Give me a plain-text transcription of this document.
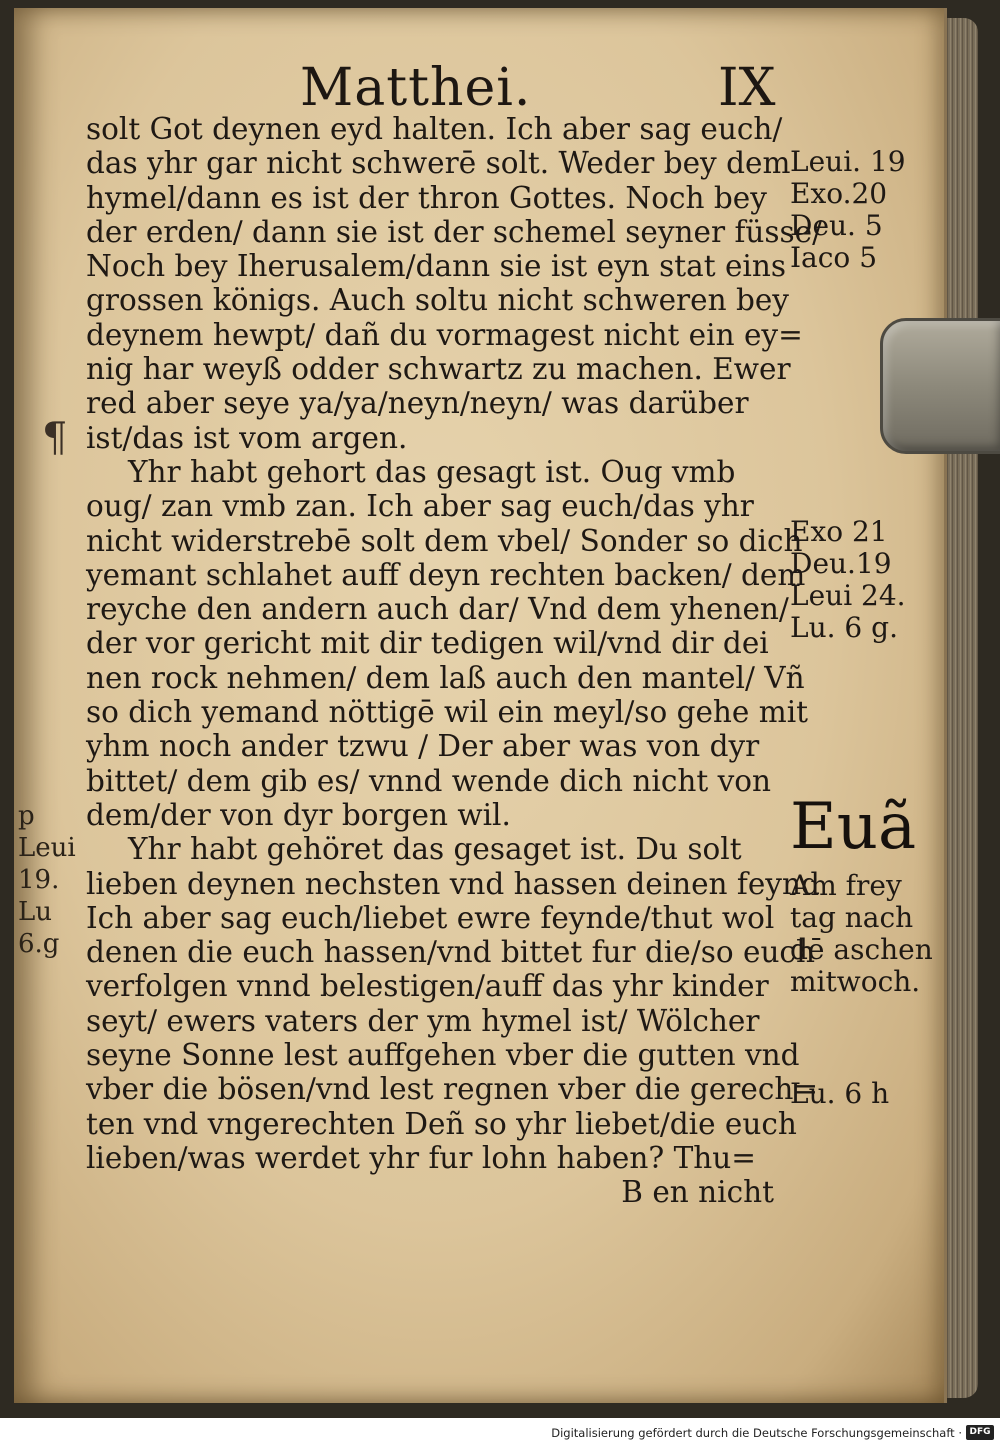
Matthei.	IX
¶
solt Got deynen eyd halten. Ich aber sag euch/
das yhr gar nicht schwerē solt. Weder bey dem
hymel/dann es ist der thron Gottes. Noch bey
der erden/ dann sie ist der schemel seyner füsse/
Noch bey Iherusalem/dann sie ist eyn stat eins
grossen königs. Auch soltu nicht schweren bey
deynem hewpt/ dañ du vormagest nicht ein ey=
nig har weyß odder schwartz zu machen. Ewer
red aber seye ya/ya/neyn/neyn/ was darüber
ist/das ist vom argen.
Yhr habt gehort das gesagt ist. Oug vmb
oug/ zan vmb zan. Ich aber sag euch/das yhr
nicht widerstrebē solt dem vbel/ Sonder so dich
yemant schlahet auff deyn rechten backen/ dem
reyche den andern auch dar/ Vnd dem yhenen/
der vor gericht mit dir tedigen wil/vnd dir dei
nen rock nehmen/ dem laß auch den mantel/ Vñ
so dich yemand nöttigē wil ein meyl/so gehe mit
yhm noch ander tzwu / Der aber was von dyr
bittet/ dem gib es/ vnnd wende dich nicht von
dem/der von dyr borgen wil.
Yhr habt gehöret das gesaget ist. Du solt
lieben deynen nechsten vnd hassen deinen feynd
Ich aber sag euch/liebet ewre feynde/thut wol
denen die euch hassen/vnd bittet fur die/so euch
verfolgen vnnd belestigen/auff das yhr kinder
seyt/ ewers vaters der ym hymel ist/ Wölcher
seyne Sonne lest auffgehen vber die gutten vnd
vber die bösen/vnd lest regnen vber die gerech=
ten vnd vngerechten Deñ so yhr liebet/die euch
lieben/was werdet yhr fur lohn haben? Thu=
B en nicht
Leui. 19
Exo.20
Deu. 5
Iaco 5
Exo 21
Deu.19
Leui 24.
Lu. 6 g.
Euã
Am frey
tag nach
dē aschen
mitwoch.
Lu. 6 h
p
Leui
19.
Lu
6.g
Digitalisierung gefördert durch die Deutsche Forschungsgemeinschaft · DFG
